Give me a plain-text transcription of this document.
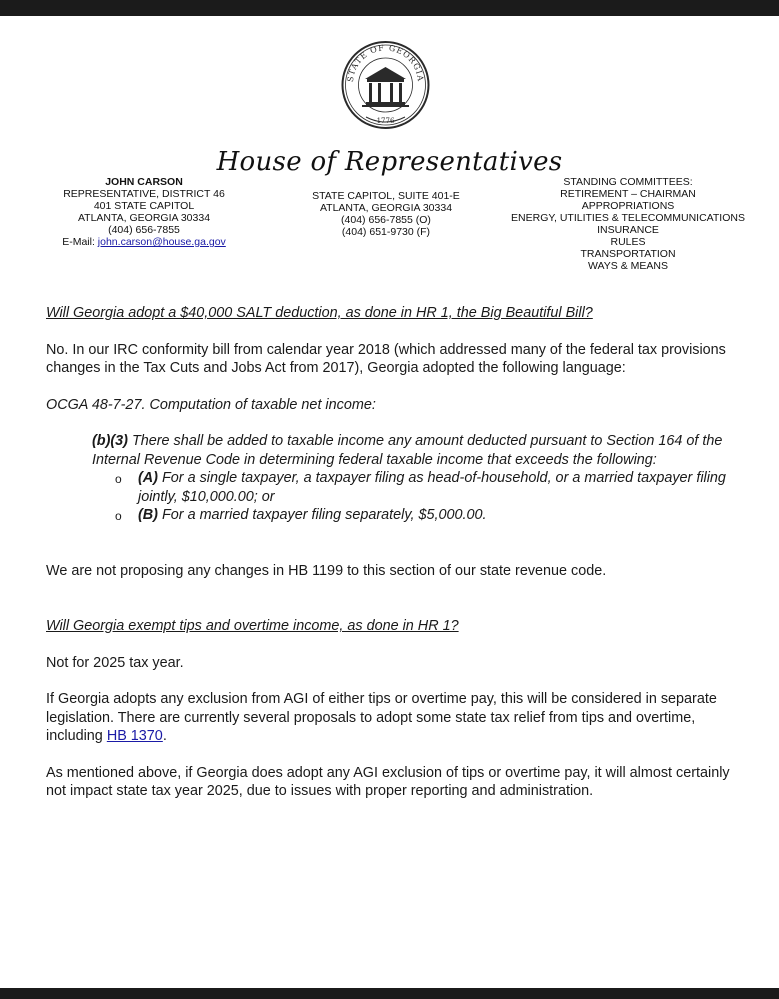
STATE OF GEORGIA
1776
House of Representatives
JOHN CARSON
REPRESENTATIVE, DISTRICT 46
401 STATE CAPITOL
ATLANTA, GEORGIA 30334
(404) 656-7855
E-Mail: john.carson@house.ga.gov
STATE CAPITOL, SUITE 401-E
ATLANTA, GEORGIA 30334
(404) 656-7855 (O)
(404) 651-9730 (F)
STANDING COMMITTEES:
RETIREMENT – CHAIRMAN
APPROPRIATIONS
ENERGY, UTILITIES & TELECOMMUNICATIONS
INSURANCE
RULES
TRANSPORTATION
WAYS & MEANS

Will Georgia adopt a $40,000 SALT deduction, as done in HR 1, the Big Beautiful Bill?

No. In our IRC conformity bill from calendar year 2018 (which addressed many of the federal tax provisions changes in the Tax Cuts and Jobs Act from 2017), Georgia adopted the following language:

OCGA 48-7-27. Computation of taxable net income:

(b)(3) There shall be added to taxable income any amount deducted pursuant to Section 164 of the Internal Revenue Code in determining federal taxable income that exceeds the following:

o (A) For a single taxpayer, a taxpayer filing as head-of-household, or a married taxpayer filing jointly, $10,000.00; or

o (B) For a married taxpayer filing separately, $5,000.00.

We are not proposing any changes in HB 1199 to this section of our state revenue code.

Will Georgia exempt tips and overtime income, as done in HR 1?

Not for 2025 tax year.

If Georgia adopts any exclusion from AGI of either tips or overtime pay, this will be considered in separate legislation. There are currently several proposals to adopt some state tax relief from tips and overtime, including HB 1370.

As mentioned above, if Georgia does adopt any AGI exclusion of tips or overtime pay, it will almost certainly not impact state tax year 2025, due to issues with proper reporting and administration.
